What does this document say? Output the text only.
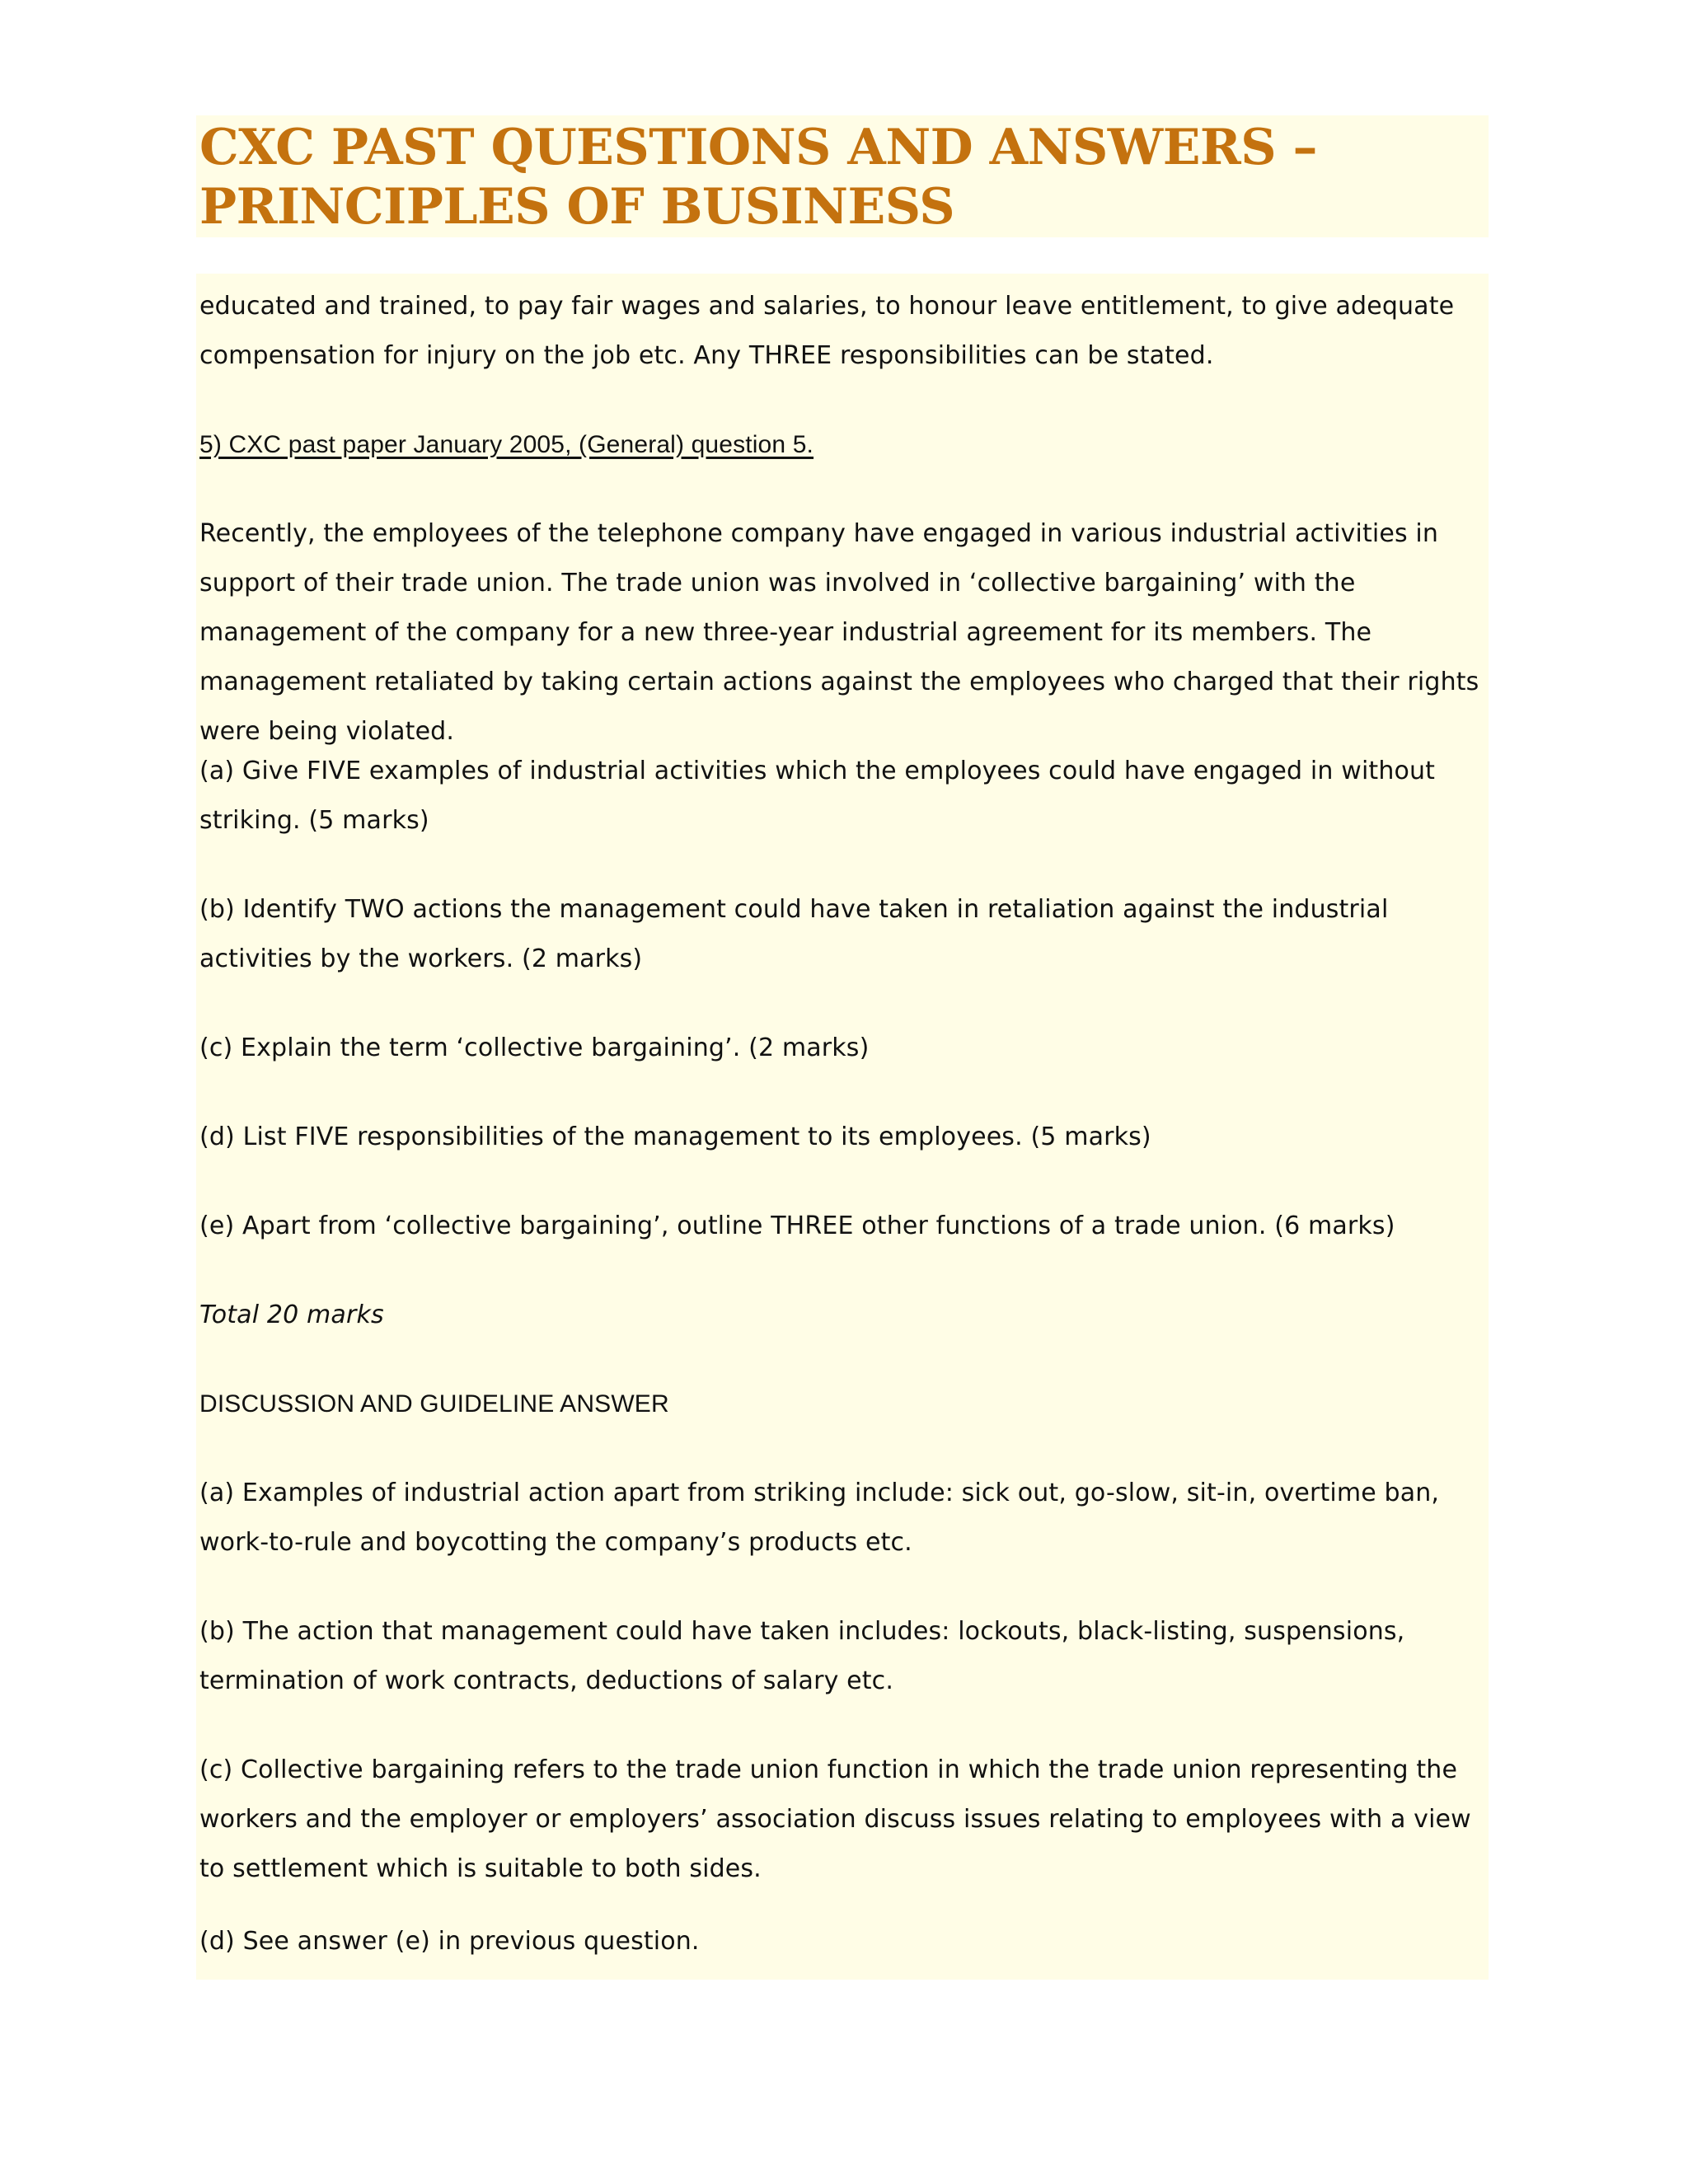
CXC PAST QUESTIONS AND ANSWERS –
PRINCIPLES OF BUSINESS

educated and trained, to pay fair wages and salaries, to honour leave entitlement, to give adequate compensation for injury on the job etc. Any THREE responsibilities can be stated.

5) CXC past paper January 2005, (General) question 5.

Recently, the employees of the telephone company have engaged in various industrial activities in support of their trade union. The trade union was involved in ‘collective bargaining’ with the management of the company for a new three-year industrial agreement for its members. The management retaliated by taking certain actions against the employees who charged that their rights were being violated.

(a) Give FIVE examples of industrial activities which the employees could have engaged in without striking. (5 marks)

(b) Identify TWO actions the management could have taken in retaliation against the industrial activities by the workers. (2 marks)

(c) Explain the term ‘collective bargaining’. (2 marks)

(d) List FIVE responsibilities of the management to its employees. (5 marks)

(e) Apart from ‘collective bargaining’, outline THREE other functions of a trade union. (6 marks)

Total 20 marks

DISCUSSION AND GUIDELINE ANSWER

(a) Examples of industrial action apart from striking include: sick out, go-slow, sit-in, overtime ban, work-to-rule and boycotting the company’s products etc.

(b) The action that management could have taken includes: lockouts, black-listing, suspensions, termination of work contracts, deductions of salary etc.

(c) Collective bargaining refers to the trade union function in which the trade union representing the workers and the employer or employers’ association discuss issues relating to employees with a view to settlement which is suitable to both sides.

(d) See answer (e) in previous question.
